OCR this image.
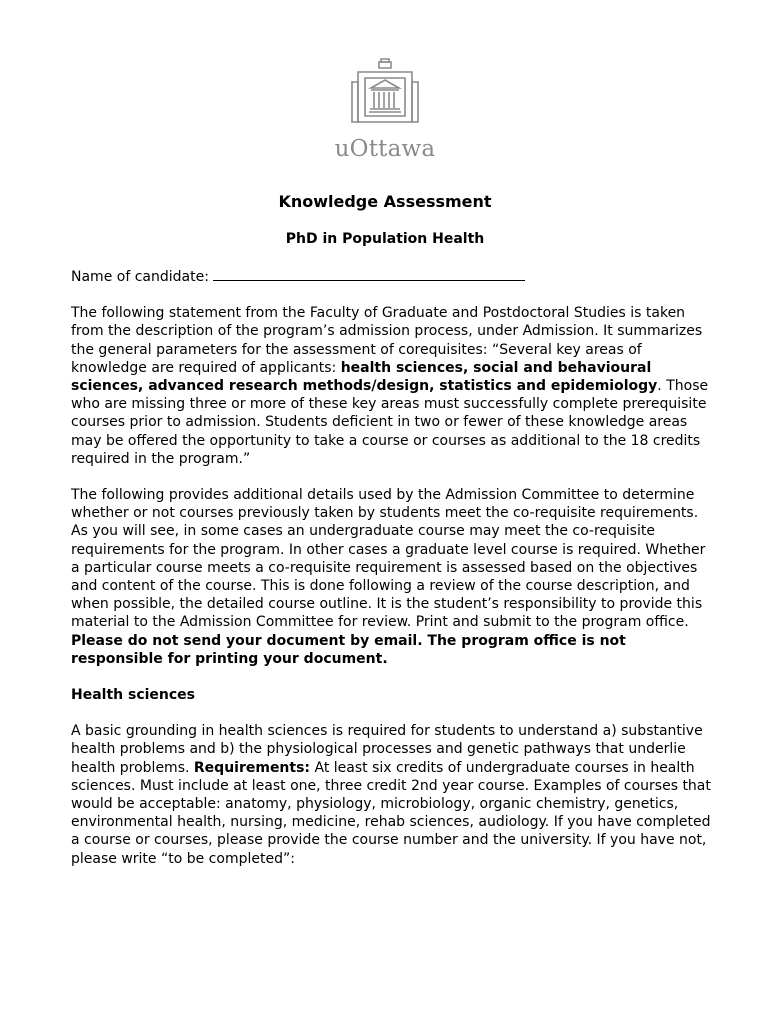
uOttawa
Knowledge Assessment
PhD in Population Health

Name of candidate:

The following statement from the Faculty of Graduate and Postdoctoral Studies is taken from the description of the program’s admission process, under Admission. It summarizes the general parameters for the assessment of corequisites: “Several key areas of knowledge are required of applicants: health sciences, social and behavioural sciences, advanced research methods/design, statistics and epidemiology. Those who are missing three or more of these key areas must successfully complete prerequisite courses prior to admission. Students deficient in two or fewer of these knowledge areas may be offered the opportunity to take a course or courses as additional to the 18 credits required in the program.”

The following provides additional details used by the Admission Committee to determine whether or not courses previously taken by students meet the co-requisite requirements. As you will see, in some cases an undergraduate course may meet the co-requisite requirements for the program. In other cases a graduate level course is required. Whether a particular course meets a co-requisite requirement is assessed based on the objectives and content of the course. This is done following a review of the course description, and when possible, the detailed course outline. It is the student’s responsibility to provide this material to the Admission Committee for review. Print and submit to the program office. Please do not send your document by email. The program office is not responsible for printing your document.

Health sciences

A basic grounding in health sciences is required for students to understand a) substantive health problems and b) the physiological processes and genetic pathways that underlie health problems. Requirements: At least six credits of undergraduate courses in health sciences. Must include at least one, three credit 2nd year course. Examples of courses that would be acceptable: anatomy, physiology, microbiology, organic chemistry, genetics, environmental health, nursing, medicine, rehab sciences, audiology. If you have completed a course or courses, please provide the course number and the university. If you have not, please write “to be completed”:
